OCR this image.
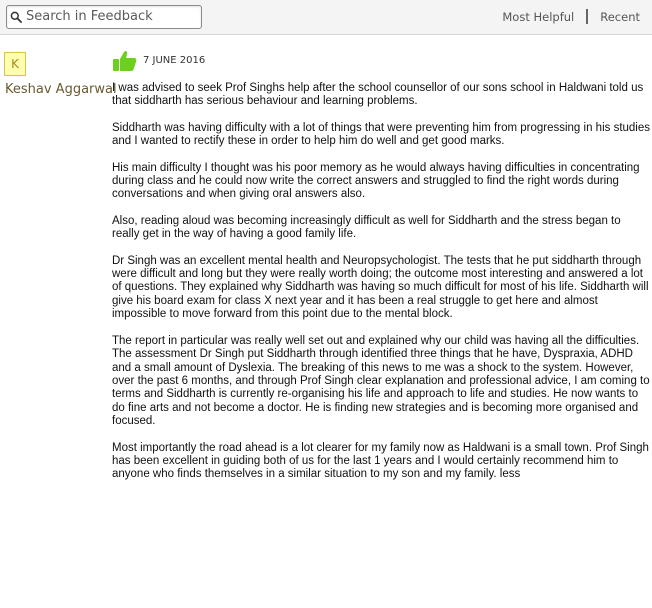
Search in Feedback
Most Helpful Recent
K
Keshav Aggarwal
7 JUNE 2016

I was advised to seek Prof Singhs help after the school counsellor of our sons school in Haldwani told us that siddharth has serious behaviour and learning problems.

Siddharth was having difficulty with a lot of things that were preventing him from progressing in his studies and I wanted to rectify these in order to help him do well and get good marks.

His main difficulty I thought was his poor memory as he would always having difficulties in concentrating during class and he could now write the correct answers and struggled to find the right words during conversations and when giving oral answers also.

Also, reading aloud was becoming increasingly difficult as well for Siddharth and the stress began to really get in the way of having a good family life.

Dr Singh was an excellent mental health and Neuropsychologist. The tests that he put siddharth through were difficult and long but they were really worth doing; the outcome most interesting and answered a lot of questions. They explained why Siddharth was having so much difficult for most of his life. Siddharth will give his board exam for class X next year and it has been a real struggle to get here and almost impossible to move forward from this point due to the mental block.

The report in particular was really well set out and explained why our child was having all the difficulties. The assessment Dr Singh put Siddharth through identified three things that he have, Dyspraxia, ADHD and a small amount of Dyslexia. The breaking of this news to me was a shock to the system. However, over the past 6 months, and through Prof Singh clear explanation and professional advice, I am coming to terms and Siddharth is currently re-organising his life and approach to life and studies. He now wants to do fine arts and not become a doctor. He is finding new strategies and is becoming more organised and focused.

Most importantly the road ahead is a lot clearer for my family now as Haldwani is a small town. Prof Singh has been excellent in guiding both of us for the last 1 years and I would certainly recommend him to anyone who finds themselves in a similar situation to my son and my family. less
